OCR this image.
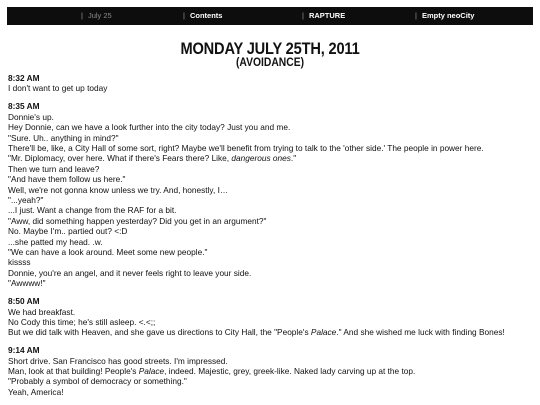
| July 25	| Contents	| RAPTURE	| Empty neoCity
MONDAY JULY 25TH, 2011
(AVOIDANCE)
8:32 AM
I don't want to get up today
8:35 AM
Donnie's up.
Hey Donnie, can we have a look further into the city today? Just you and me.
"Sure. Uh.. anything in mind?"
There'll be, like, a City Hall of some sort, right? Maybe we'll benefit from trying to talk to the 'other side.' The people in power here.
"Mr. Diplomacy, over here. What if there's Fears there? Like, dangerous ones."
Then we turn and leave?
"And have them follow us here."
Well, we're not gonna know unless we try. And, honestly, I…
"...yeah?"
...I just. Want a change from the RAF for a bit.
"Aww, did something happen yesterday? Did you get in an argument?"
No. Maybe I'm.. partied out? <:D
...she patted my head. .w.
"We can have a look around. Meet some new people."
kissss
Donnie, you're an angel, and it never feels right to leave your side.
"Awwww!"
8:50 AM
We had breakfast.
No Cody this time; he's still asleep. <.<;;
But we did talk with Heaven, and she gave us directions to City Hall, the "People's Palace." And she wished me luck with finding Bones!
9:14 AM
Short drive. San Francisco has good streets. I'm impressed.
Man, look at that building! People's Palace, indeed. Majestic, grey, greek-like. Naked lady carving up at the top.
"Probably a symbol of democracy or something."
Yeah, America!
